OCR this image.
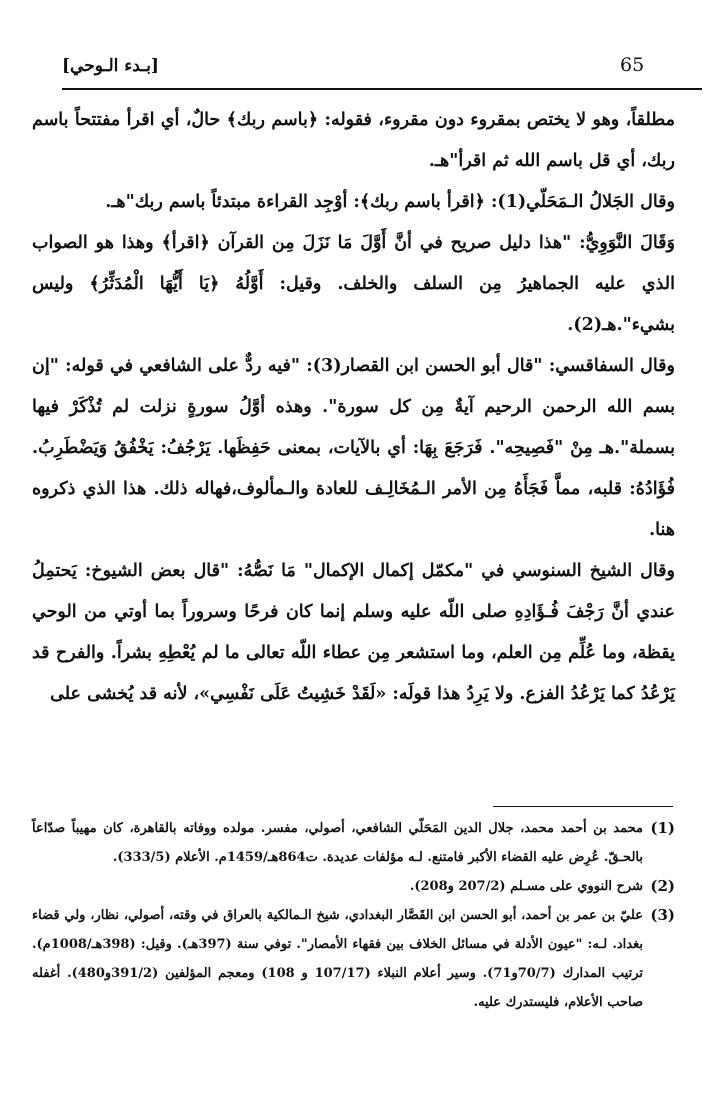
65
[بـدء الـوحي]

مطلقاً، وهو لا يختص بمقروء دون مقروء، فقوله: ﴿باسم ربك﴾ حالٌ، أي اقرأ مفتتحاً باسم ربك، أي قل باسم الله ثم اقرأ"هـ.

وقال الجَلالُ الـمَحَلّي(1): ﴿اقرأ باسم ربك﴾: أوْجِد القراءة مبتدئاً باسم ربك"هـ.

وَقَالَ النَّوَوِيُّ: "هذا دليل صريح في أنَّ أَوَّلَ مَا نَزَلَ مِن القرآن ﴿اقرأ﴾ وهذا هو الصواب الذي عليه الجماهيرُ مِن السلف والخلف. وقيل: أَوَّلُهُ ﴿يَا أَيُّهَا الْمُدَثِّرُ﴾ وليس بشيء".هـ(2).

وقال السفاقسي: "قال أبو الحسن ابن القصار(3): "فيه ردٌّ على الشافعي في قوله: "إن بسم الله الرحمن الرحيم آيةٌ مِن كل سورة". وهذه أوَّلُ سورةٍ نزلت لم تُذْكَرْ فيها بسملة".هـ مِنْ "فَصِيحِه". فَرَجَعَ بِهَا: أي بالآيات، بمعنى حَفِظَها. يَرْجُفُ: يَخْفُقُ وَيَضْطَرِبُ. فُؤَادُهُ: قلبه، مماَّ فَجَأَهُ مِن الأمر الـمُخَالِـف للعادة والـمألوف،فهاله ذلك. هذا الذي ذكروه هنا.

وقال الشيخ السنوسي في "مكمّل إكمال الإكمال" مَا نَصُّهُ: "قال بعض الشيوخ: يَحتمِلُ عندي أنَّ رَجْفَ فُـؤَادِهِ صلى اللّه عليه وسلم إنما كان فرحًا وسروراً بما أوتي من الوحي يقظة، وما عُلِّم مِن العلم، وما استشعر مِن عطاء اللّه تعالى ما لم يُعْطِهِ بشراً. والفرح قد يَرْعُدُ كما يَرْعُدُ الفزع. ولا يَرِدُ هذا قولَه: «لَقَدْ خَشِيتُ عَلَى نَفْسِي»، لأنه قد يُخشى على

(1)
محمد بن أحمد محمد، جلال الدين المَحَلّي الشافعي، أصولي، مفسر. مولده ووفاته بالقاهرة، كان مهيباً صدّاعاً بالحـقّ. عُرِض عليه القضاء الأكبر فامتنع. لـه مؤلفات عديدة. ت864هـ/1459م. الأعلام (333/5).
(2)
شرح النووي على مسـلم (207/2 و208).
(3)
عليّ بن عمر بن أحمد، أبو الحسن ابن القَصَّار البغدادي، شيخ الـمالكية بالعراق في وقته، أصولي، نظار، ولي قضاء بغداد. لـه: "عيون الأدلة في مسائل الخلاف بين فقهاء الأمصار". توفي سنة (397هـ). وقيل: (398هـ/1008م). ترتيب المدارك (70/7و71). وسير أعلام النبلاء (107/17 و 108) ومعجم المؤلفين (391/2و480). أغفله صاحب الأعلام، فليستدرك عليه.
